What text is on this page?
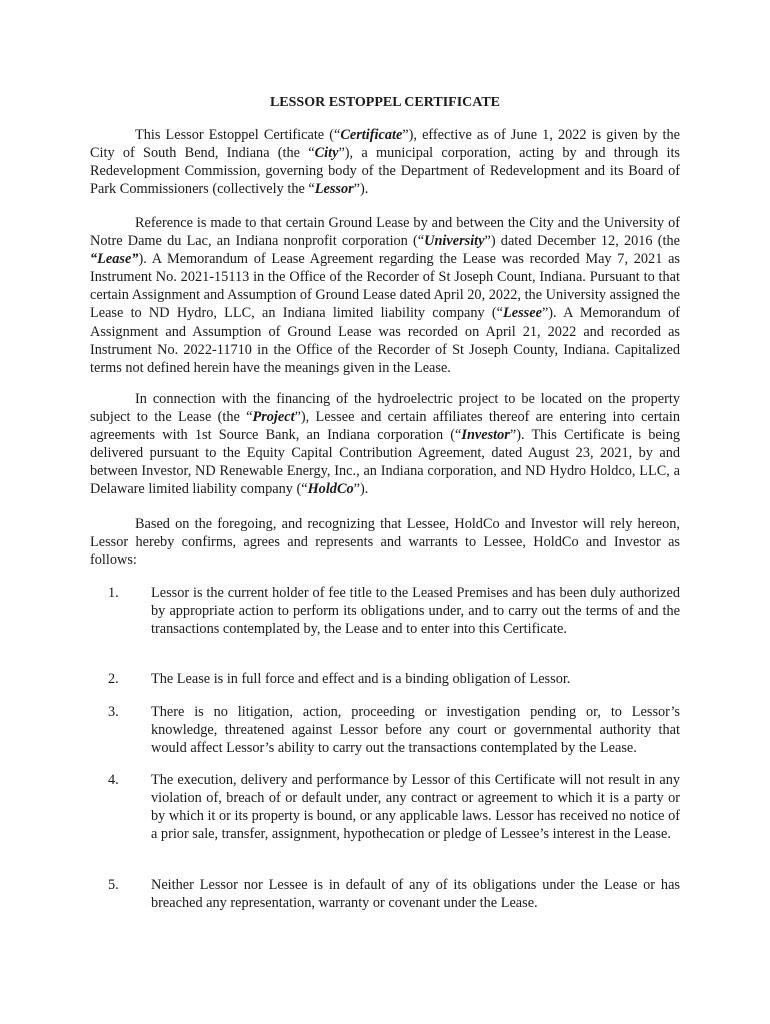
LESSOR ESTOPPEL CERTIFICATE

This Lessor Estoppel Certificate (“Certificate”), effective as of June 1, 2022 is given by the City of South Bend, Indiana (the “City”), a municipal corporation, acting by and through its Redevelopment Commission, governing body of the Department of Redevelopment and its Board of Park Commissioners (collectively the “Lessor”).

Reference is made to that certain Ground Lease by and between the City and the University of Notre Dame du Lac, an Indiana nonprofit corporation (“University”) dated December 12, 2016 (the “Lease”). A Memorandum of Lease Agreement regarding the Lease was recorded May 7, 2021 as Instrument No. 2021-15113 in the Office of the Recorder of St Joseph Count, Indiana. Pursuant to that certain Assignment and Assumption of Ground Lease dated April 20, 2022, the University assigned the Lease to ND Hydro, LLC, an Indiana limited liability company (“Lessee”). A Memorandum of Assignment and Assumption of Ground Lease was recorded on April 21, 2022 and recorded as Instrument No. 2022-11710 in the Office of the Recorder of St Joseph County, Indiana. Capitalized terms not defined herein have the meanings given in the Lease.

In connection with the financing of the hydroelectric project to be located on the property subject to the Lease (the “Project”), Lessee and certain affiliates thereof are entering into certain agreements with 1st Source Bank, an Indiana corporation (“Investor”). This Certificate is being delivered pursuant to the Equity Capital Contribution Agreement, dated August 23, 2021, by and between Investor, ND Renewable Energy, Inc., an Indiana corporation, and ND Hydro Holdco, LLC, a Delaware limited liability company (“HoldCo”).

Based on the foregoing, and recognizing that Lessee, HoldCo and Investor will rely hereon, Lessor hereby confirms, agrees and represents and warrants to Lessee, HoldCo and Investor as follows:

1. Lessor is the current holder of fee title to the Leased Premises and has been duly authorized by appropriate action to perform its obligations under, and to carry out the terms of and the transactions contemplated by, the Lease and to enter into this Certificate.

2. The Lease is in full force and effect and is a binding obligation of Lessor.

3. There is no litigation, action, proceeding or investigation pending or, to Lessor’s knowledge, threatened against Lessor before any court or governmental authority that would affect Lessor’s ability to carry out the transactions contemplated by the Lease.

4. The execution, delivery and performance by Lessor of this Certificate will not result in any violation of, breach of or default under, any contract or agreement to which it is a party or by which it or its property is bound, or any applicable laws. Lessor has received no notice of a prior sale, transfer, assignment, hypothecation or pledge of Lessee’s interest in the Lease.

5. Neither Lessor nor Lessee is in default of any of its obligations under the Lease or has breached any representation, warranty or covenant under the Lease.
